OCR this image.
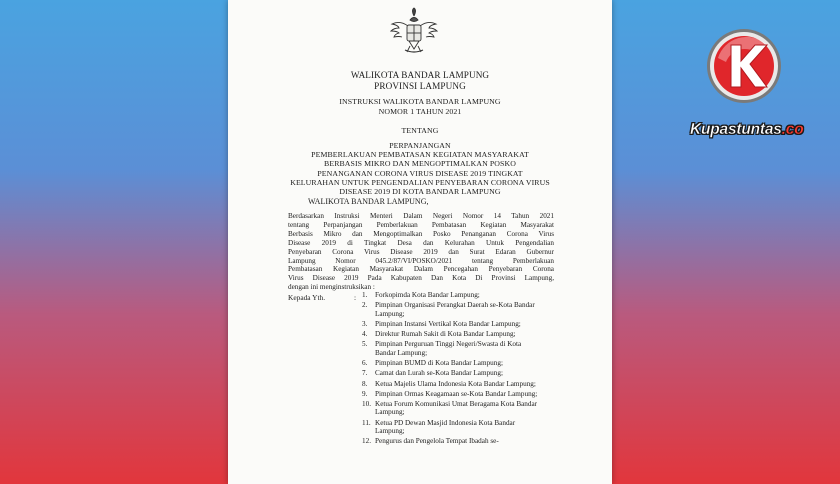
WALIKOTA BANDAR LAMPUNG
PROVINSI LAMPUNG
INSTRUKSI WALIKOTA BANDAR LAMPUNG
NOMOR 1 TAHUN 2021
TENTANG
PERPANJANGAN
PEMBERLAKUAN PEMBATASAN KEGIATAN MASYARAKAT
BERBASIS MIKRO DAN MENGOPTIMALKAN POSKO
PENANGANAN CORONA VIRUS DISEASE 2019 TINGKAT
KELURAHAN UNTUK PENGENDALIAN PENYEBARAN CORONA VIRUS
DISEASE 2019 DI KOTA BANDAR LAMPUNG
WALIKOTA BANDAR LAMPUNG,
Berdasarkan Instruksi Menteri Dalam Negeri Nomor 14 Tahun 2021
tentang Perpanjangan Pemberlakuan Pembatasan Kegiatan Masyarakat
Berbasis Mikro dan Mengoptimalkan Posko Penanganan Corona Virus
Disease 2019 di Tingkat Desa dan Kelurahan Untuk Pengendalian
Penyebaran Corona Virus Disease 2019 dan Surat Edaran Gubernur
Lampung Nomor 045.2/87/VI/POSKO/2021 tentang Pemberlakuan
Pembatasan Kegiatan Masyarakat Dalam Pencegahan Penyebaran Corona
Virus Disease 2019 Pada Kabupaten Dan Kota Di Provinsi Lampung,
dengan ini menginstruksikan :
Kepada Yth.	: 1. Forkopimda Kota Bandar Lampung;
2. Pimpinan Organisasi Perangkat Daerah se-Kota Bandar Lampung;
3. Pimpinan Instansi Vertikal Kota Bandar Lampung;
4. Direktur Rumah Sakit di Kota Bandar Lampung;
5. Pimpinan Perguruan Tinggi Negeri/Swasta di Kota Bandar Lampung;
6. Pimpinan BUMD di Kota Bandar Lampung;
7. Camat dan Lurah se-Kota Bandar Lampung;
8. Ketua Majelis Ulama Indonesia Kota Bandar Lampung;
9. Pimpinan Ormas Keagamaan se-Kota Bandar Lampung;
10. Ketua Forum Komunikasi Umat Beragama Kota Bandar Lampung;
11. Ketua PD Dewan Masjid Indonesia Kota Bandar Lampung;
12. Pengurus dan Pengelola Tempat Ibadah se-
Kupastuntas.co
